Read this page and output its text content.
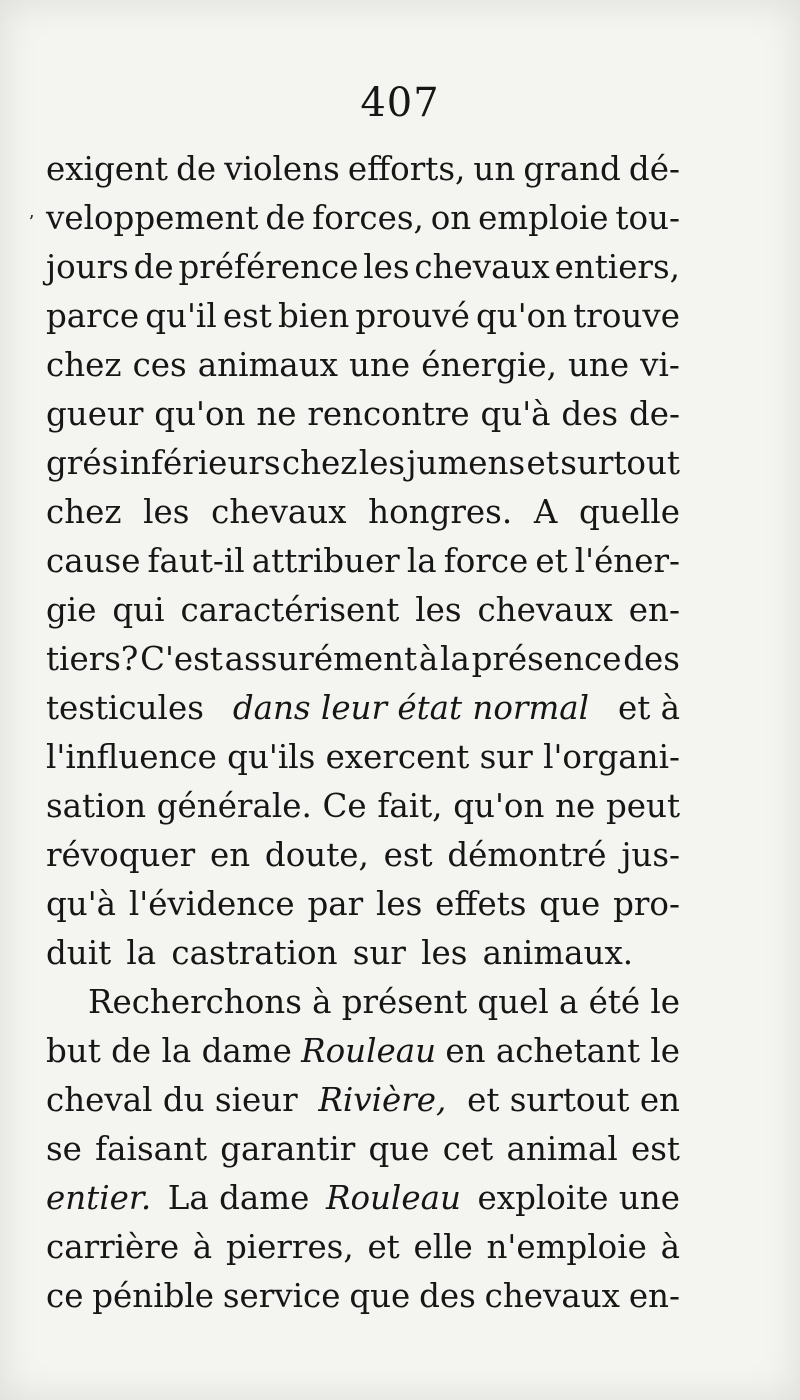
407
ʼ
exigent de violens efforts, un grand dé-
veloppement de forces, on emploie tou-
jours de préférence les chevaux entiers,
parce qu'il est bien prouvé qu'on trouve
chez ces animaux une énergie, une vi-
gueur qu'on ne rencontre qu'à des de-
grés inférieurs chez les jumens et surtout
chez les chevaux hongres. A quelle
cause faut-il attribuer la force et l'éner-
gie qui caractérisent les chevaux en-
tiers? C'est assurément à la présence des
testicules dans leur état normal et à
l'influence qu'ils exercent sur l'organi-
sation générale. Ce fait, qu'on ne peut
révoquer en doute, est démontré jus-
qu'à l'évidence par les effets que pro-
duit la castration sur les animaux.
Recherchons à présent quel a été le
but de la dame Rouleau en achetant le
cheval du sieur Rivière, et surtout en
se faisant garantir que cet animal est
entier. La dame Rouleau exploite une
carrière à pierres, et elle n'emploie à
ce pénible service que des chevaux en-
